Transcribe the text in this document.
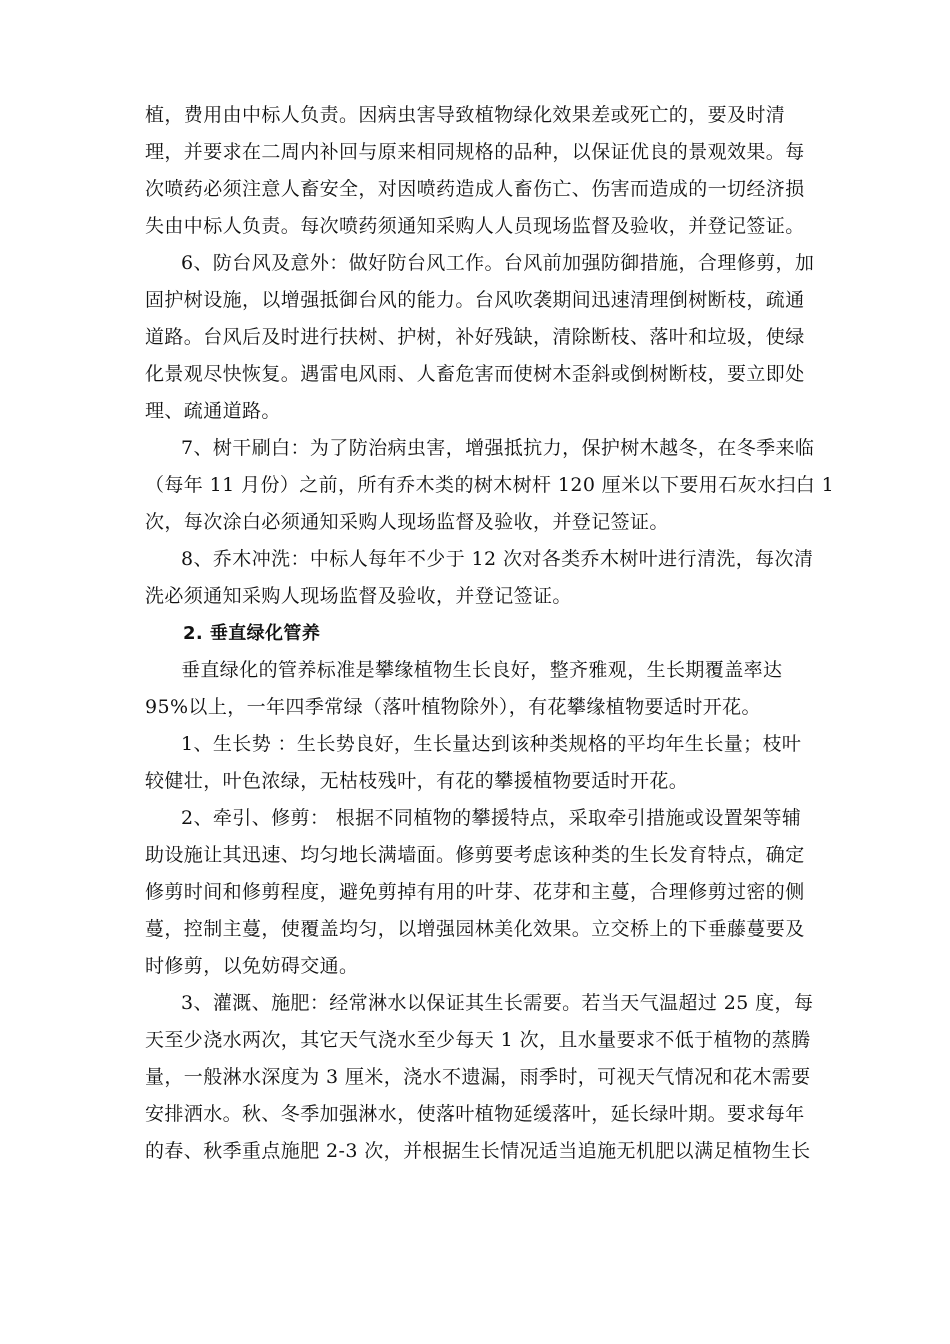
植，费用由中标人负责。因病虫害导致植物绿化效果差或死亡的，要及时清
理，并要求在二周内补回与原来相同规格的品种，以保证优良的景观效果。每
次喷药必须注意人畜安全，对因喷药造成人畜伤亡、伤害而造成的一切经济损
失由中标人负责。每次喷药须通知采购人人员现场监督及验收，并登记签证。

6、防台风及意外：做好防台风工作。台风前加强防御措施，合理修剪，加
固护树设施，以增强抵御台风的能力。台风吹袭期间迅速清理倒树断枝，疏通
道路。台风后及时进行扶树、护树，补好残缺，清除断枝、落叶和垃圾，使绿
化景观尽快恢复。遇雷电风雨、人畜危害而使树木歪斜或倒树断枝，要立即处
理、疏通道路。

7、树干刷白：为了防治病虫害，增强抵抗力，保护树木越冬，在冬季来临
（每年 11 月份）之前，所有乔木类的树木树杆 120 厘米以下要用石灰水扫白 1
次，每次涂白必须通知采购人现场监督及验收，并登记签证。

8、乔木冲洗：中标人每年不少于 12 次对各类乔木树叶进行清洗，每次清
洗必须通知采购人现场监督及验收，并登记签证。

2. 垂直绿化管养

垂直绿化的管养标准是攀缘植物生长良好，整齐雅观，生长期覆盖率达
95%以上，一年四季常绿（落叶植物除外），有花攀缘植物要适时开花。

1、生长势 ：生长势良好，生长量达到该种类规格的平均年生长量；枝叶
较健壮，叶色浓绿，无枯枝残叶，有花的攀援植物要适时开花。

2、牵引、修剪： 根据不同植物的攀援特点，采取牵引措施或设置架等辅
助设施让其迅速、均匀地长满墙面。修剪要考虑该种类的生长发育特点，确定
修剪时间和修剪程度，避免剪掉有用的叶芽、花芽和主蔓，合理修剪过密的侧
蔓，控制主蔓，使覆盖均匀，以增强园林美化效果。立交桥上的下垂藤蔓要及
时修剪，以免妨碍交通。

3、灌溉、施肥：经常淋水以保证其生长需要。若当天气温超过 25 度，每
天至少浇水两次，其它天气浇水至少每天 1 次，且水量要求不低于植物的蒸腾
量，一般淋水深度为 3 厘米，浇水不遗漏，雨季时，可视天气情况和花木需要
安排洒水。秋、冬季加强淋水，使落叶植物延缓落叶，延长绿叶期。要求每年
的春、秋季重点施肥 2-3 次，并根据生长情况适当追施无机肥以满足植物生长
